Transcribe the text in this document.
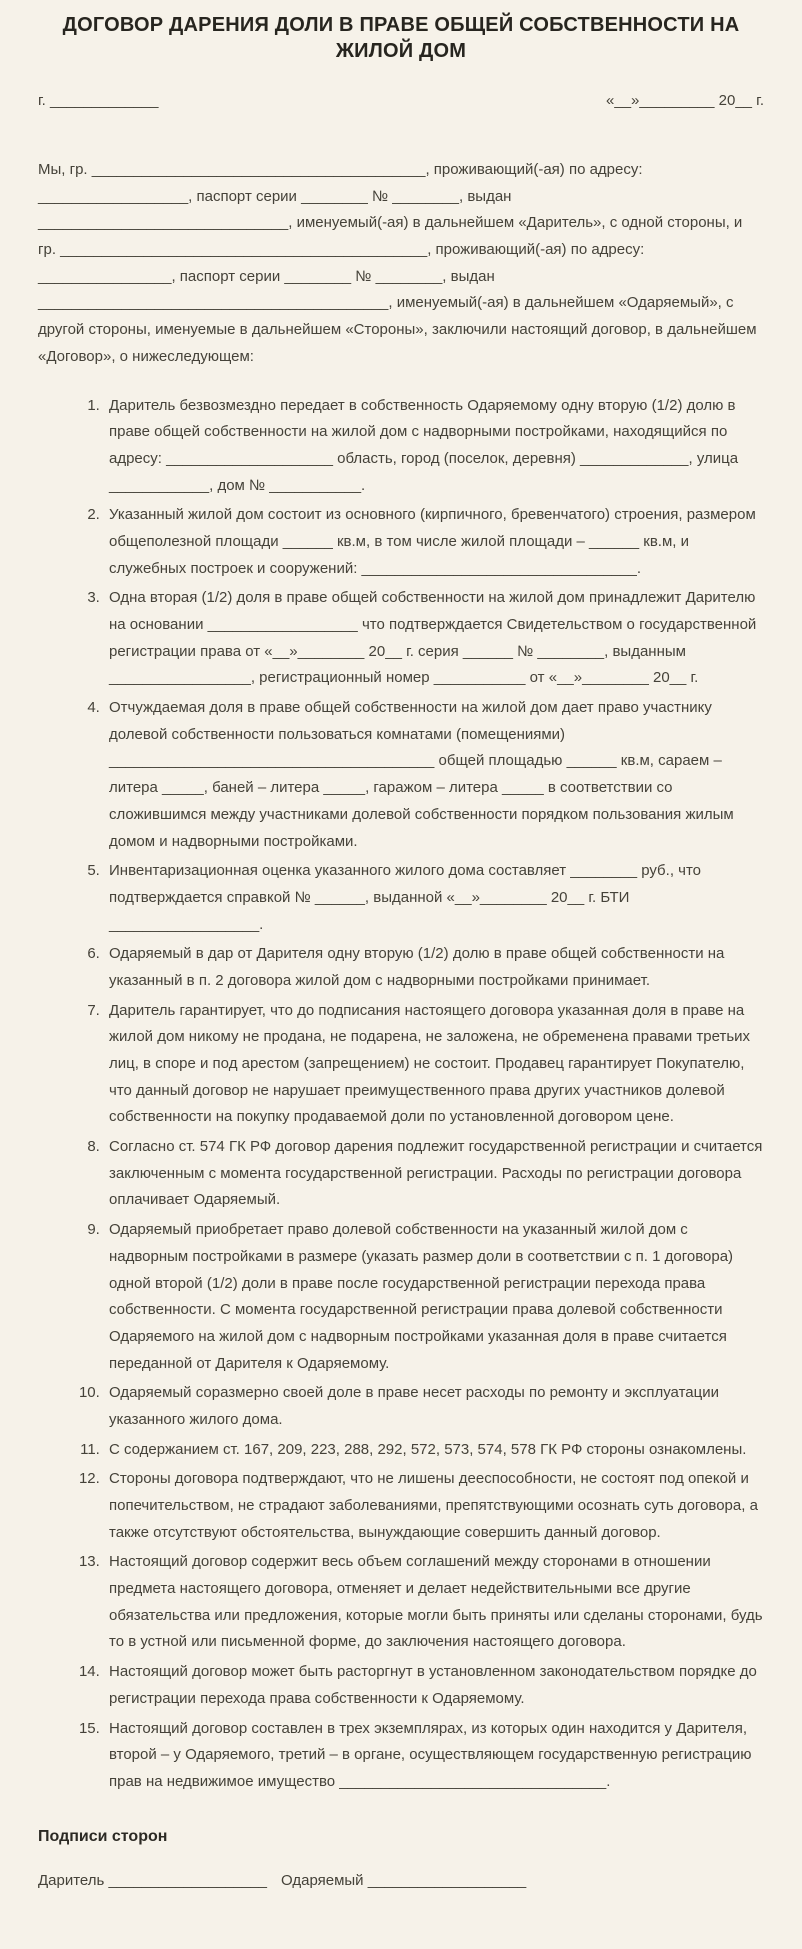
ДОГОВОР ДАРЕНИЯ ДОЛИ В ПРАВЕ ОБЩЕЙ СОБСТВЕННОСТИ НА ЖИЛОЙ ДОМ
г. _____________	«__»_________ 20__ г.

Мы, гр. ________________________________________, проживающий(-ая) по адресу: __________________, паспорт серии ________ № ________, выдан ______________________________, именуемый(-ая) в дальнейшем «Даритель», с одной стороны, и гр. ____________________________________________, проживающий(-ая) по адресу: ________________, паспорт серии ________ № ________, выдан __________________________________________, именуемый(-ая) в дальнейшем «Одаряемый», с другой стороны, именуемые в дальнейшем «Стороны», заключили настоящий договор, в дальнейшем «Договор», о нижеследующем:

1. Даритель безвозмездно передает в собственность Одаряемому одну вторую (1/2) долю в праве общей собственности на жилой дом с надворными постройками, находящийся по адресу: ____________________ область, город (поселок, деревня) _____________, улица ____________, дом № ___________.
2. Указанный жилой дом состоит из основного (кирпичного, бревенчатого) строения, размером общеполезной площади ______ кв.м, в том числе жилой площади – ______ кв.м, и служебных построек и сооружений: _________________________________.
3. Одна вторая (1/2) доля в праве общей собственности на жилой дом принадлежит Дарителю на основании __________________ что подтверждается Свидетельством о государственной регистрации права от «__»________ 20__ г. серия ______ № ________, выданным _________________, регистрационный номер ___________ от «__»________ 20__ г.
4. Отчуждаемая доля в праве общей собственности на жилой дом дает право участнику долевой собственности пользоваться комнатами (помещениями) _______________________________________ общей площадью ______ кв.м, сараем – литера _____, баней – литера _____, гаражом – литера _____ в соответствии со сложившимся между участниками долевой собственности порядком пользования жилым домом и надворными постройками.
5. Инвентаризационная оценка указанного жилого дома составляет ________ руб., что подтверждается справкой № ______, выданной «__»________ 20__ г. БТИ __________________.
6. Одаряемый в дар от Дарителя одну вторую (1/2) долю в праве общей собственности на указанный в п. 2 договора жилой дом с надворными постройками принимает.
7. Даритель гарантирует, что до подписания настоящего договора указанная доля в праве на жилой дом никому не продана, не подарена, не заложена, не обременена правами третьих лиц, в споре и под арестом (запрещением) не состоит. Продавец гарантирует Покупателю, что данный договор не нарушает преимущественного права других участников долевой собственности на покупку продаваемой доли по установленной договором цене.
8. Согласно ст. 574 ГК РФ договор дарения подлежит государственной регистрации и считается заключенным с момента государственной регистрации. Расходы по регистрации договора оплачивает Одаряемый.
9. Одаряемый приобретает право долевой собственности на указанный жилой дом с надворным постройками в размере (указать размер доли в соответствии с п. 1 договора) одной второй (1/2) доли в праве после государственной регистрации перехода права собственности. С момента государственной регистрации права долевой собственности Одаряемого на жилой дом с надворным постройками указанная доля в праве считается переданной от Дарителя к Одаряемому.
10. Одаряемый соразмерно своей доле в праве несет расходы по ремонту и эксплуатации указанного жилого дома.
11. С содержанием ст. 167, 209, 223, 288, 292, 572, 573, 574, 578 ГК РФ стороны ознакомлены.
12. Стороны договора подтверждают, что не лишены дееспособности, не состоят под опекой и попечительством, не страдают заболеваниями, препятствующими осознать суть договора, а также отсутствуют обстоятельства, вынуждающие совершить данный договор.
13. Настоящий договор содержит весь объем соглашений между сторонами в отношении предмета настоящего договора, отменяет и делает недействительными все другие обязательства или предложения, которые могли быть приняты или сделаны сторонами, будь то в устной или письменной форме, до заключения настоящего договора.
14. Настоящий договор может быть расторгнут в установленном законодательством порядке до регистрации перехода права собственности к Одаряемому.
15. Настоящий договор составлен в трех экземплярах, из которых один находится у Дарителя, второй – у Одаряемого, третий – в органе, осуществляющем государственную регистрацию прав на недвижимое имущество ________________________________.
Подписи сторон

Даритель ___________________ Одаряемый ___________________
